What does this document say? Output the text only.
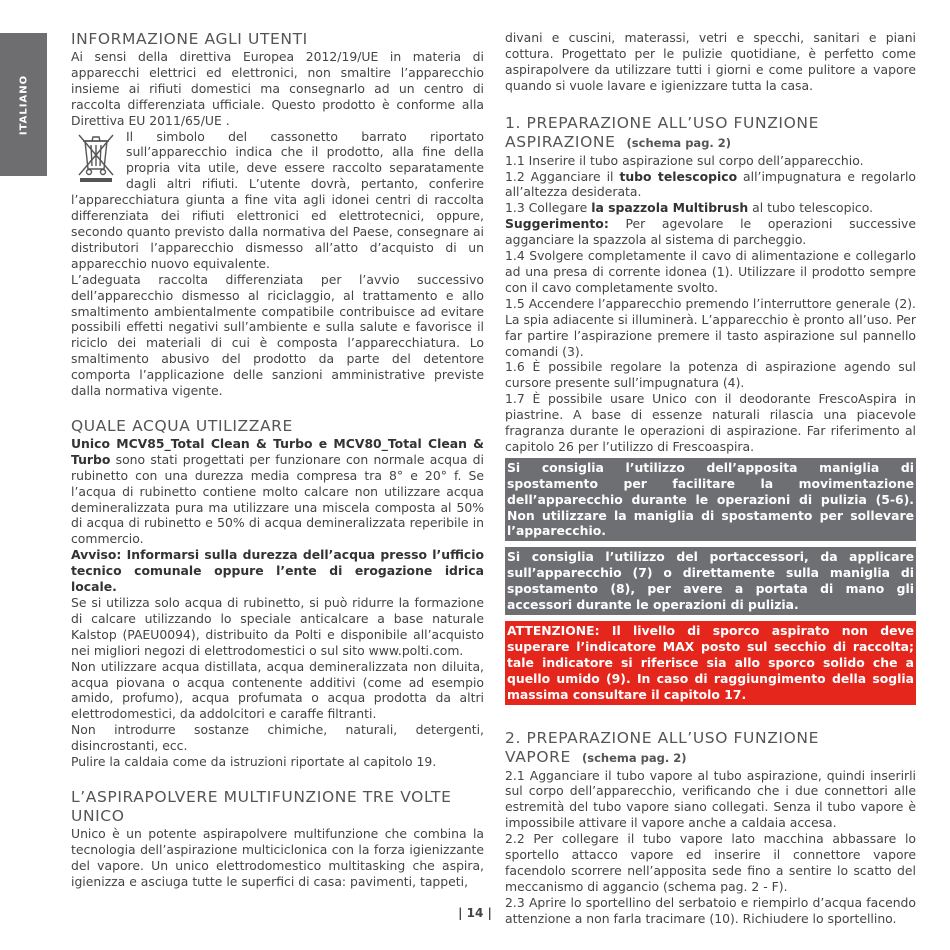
ITALIANO
INFORMAZIONE AGLI UTENTI

Ai sensi della direttiva Europea 2012/19/UE in materia di apparecchi elettrici ed elettronici, non smaltire l’apparecchio insieme ai rifiuti domestici ma consegnarlo ad un centro di raccolta differenziata ufficiale. Questo prodotto è conforme alla Direttiva EU 2011/65/UE .

Il simbolo del cassonetto barrato riportato sull’apparecchio indica che il prodotto, alla fine della propria vita utile, deve essere raccolto separatamente dagli altri rifiuti. L’utente dovrà, pertanto, conferire l’apparecchiatura giunta a fine vita agli idonei centri di raccolta differenziata dei rifiuti elettronici ed elettrotecnici, oppure, secondo quanto previsto dalla normativa del Paese, consegnare ai distributori l’apparecchio dismesso all’atto d’acquisto di un apparecchio nuovo equivalente.

L’adeguata raccolta differenziata per l’avvio successivo dell’apparecchio dismesso al riciclaggio, al trattamento e allo smaltimento ambientalmente compatibile contribuisce ad evitare possibili effetti negativi sull’ambiente e sulla salute e favorisce il riciclo dei materiali di cui è composta l’apparecchiatura. Lo smaltimento abusivo del prodotto da parte del detentore comporta l’applicazione delle sanzioni amministrative previste dalla normativa vigente.

QUALE ACQUA UTILIZZARE

Unico MCV85_Total Clean & Turbo e MCV80_Total Clean & Turbo sono stati progettati per funzionare con normale acqua di rubinetto con una durezza media compresa tra 8° e 20° f. Se l’acqua di rubinetto contiene molto calcare non utilizzare acqua demineralizzata pura ma utilizzare una miscela composta al 50% di acqua di rubinetto e 50% di acqua demineralizzata reperibile in commercio.

Avviso: Informarsi sulla durezza dell’acqua presso l’ufficio tecnico comunale oppure l’ente di erogazione idrica locale.

Se si utilizza solo acqua di rubinetto, si può ridurre la formazione di calcare utilizzando lo speciale anticalcare a base naturale Kalstop (PAEU0094), distribuito da Polti e disponibile all’acquisto nei migliori negozi di elettrodomestici o sul sito www.polti.com.

Non utilizzare acqua distillata, acqua demineralizzata non diluita, acqua piovana o acqua contenente additivi (come ad esempio amido, profumo), acqua profumata o acqua prodotta da altri elettrodomestici, da addolcitori e caraffe filtranti.

Non introdurre sostanze chimiche, naturali, detergenti, disincrostanti, ecc.

Pulire la caldaia come da istruzioni riportate al capitolo 19.

L’ASPIRAPOLVERE MULTIFUNZIONE TRE VOLTE UNICO

Unico è un potente aspirapolvere multifunzione che combina la tecnologia dell’aspirazione multiciclonica con la forza igienizzante del vapore. Un unico elettrodomestico multitasking che aspira, igienizza e asciuga tutte le superfici di casa: pavimenti, tappeti,

divani e cuscini, materassi, vetri e specchi, sanitari e piani cottura. Progettato per le pulizie quotidiane, è perfetto come aspirapolvere da utilizzare tutti i giorni e come pulitore a vapore quando si vuole lavare e igienizzare tutta la casa.

1. PREPARAZIONE ALL’USO FUNZIONE
ASPIRAZIONE (schema pag. 2)

1.1 Inserire il tubo aspirazione sul corpo dell’apparecchio.

1.2 Agganciare il tubo telescopico all’impugnatura e regolarlo all’altezza desiderata.

1.3 Collegare la spazzola Multibrush al tubo telescopico.

Suggerimento: Per agevolare le operazioni successive agganciare la spazzola al sistema di parcheggio.

1.4 Svolgere completamente il cavo di alimentazione e collegarlo ad una presa di corrente idonea (1). Utilizzare il prodotto sempre con il cavo completamente svolto.

1.5 Accendere l’apparecchio premendo l’interruttore generale (2). La spia adiacente si illuminerà. L’apparecchio è pronto all’uso. Per far partire l’aspirazione premere il tasto aspirazione sul pannello comandi (3).

1.6 È possibile regolare la potenza di aspirazione agendo sul cursore presente sull’impugnatura (4).

1.7 È possibile usare Unico con il deodorante FrescoAspira in piastrine. A base di essenze naturali rilascia una piacevole fragranza durante le operazioni di aspirazione. Far riferimento al capitolo 26 per l’utilizzo di Frescoaspira.

Si consiglia l’utilizzo dell’apposita maniglia di spostamento per facilitare la movimentazione dell’apparecchio durante le operazioni di pulizia (5-6). Non utilizzare la maniglia di spostamento per sollevare l’apparecchio.
Si consiglia l’utilizzo del portaccessori, da applicare sull’apparecchio (7) o direttamente sulla maniglia di spostamento (8), per avere a portata di mano gli accessori durante le operazioni di pulizia.
ATTENZIONE: Il livello di sporco aspirato non deve superare l’indicatore MAX posto sul secchio di raccolta; tale indicatore si riferisce sia allo sporco solido che a quello umido (9). In caso di raggiungimento della soglia massima consultare il capitolo 17.
2. PREPARAZIONE ALL’USO FUNZIONE
VAPORE (schema pag. 2)

2.1 Agganciare il tubo vapore al tubo aspirazione, quindi inserirli sul corpo dell’apparecchio, verificando che i due connettori alle estremità del tubo vapore siano collegati. Senza il tubo vapore è impossibile attivare il vapore anche a caldaia accesa.

2.2 Per collegare il tubo vapore lato macchina abbassare lo sportello attacco vapore ed inserire il connettore vapore facendolo scorrere nell’apposita sede fino a sentire lo scatto del meccanismo di aggancio (schema pag. 2 - F).

2.3 Aprire lo sportellino del serbatoio e riempirlo d’acqua facendo attenzione a non farla tracimare (10). Richiudere lo sportellino.

| 14 |
